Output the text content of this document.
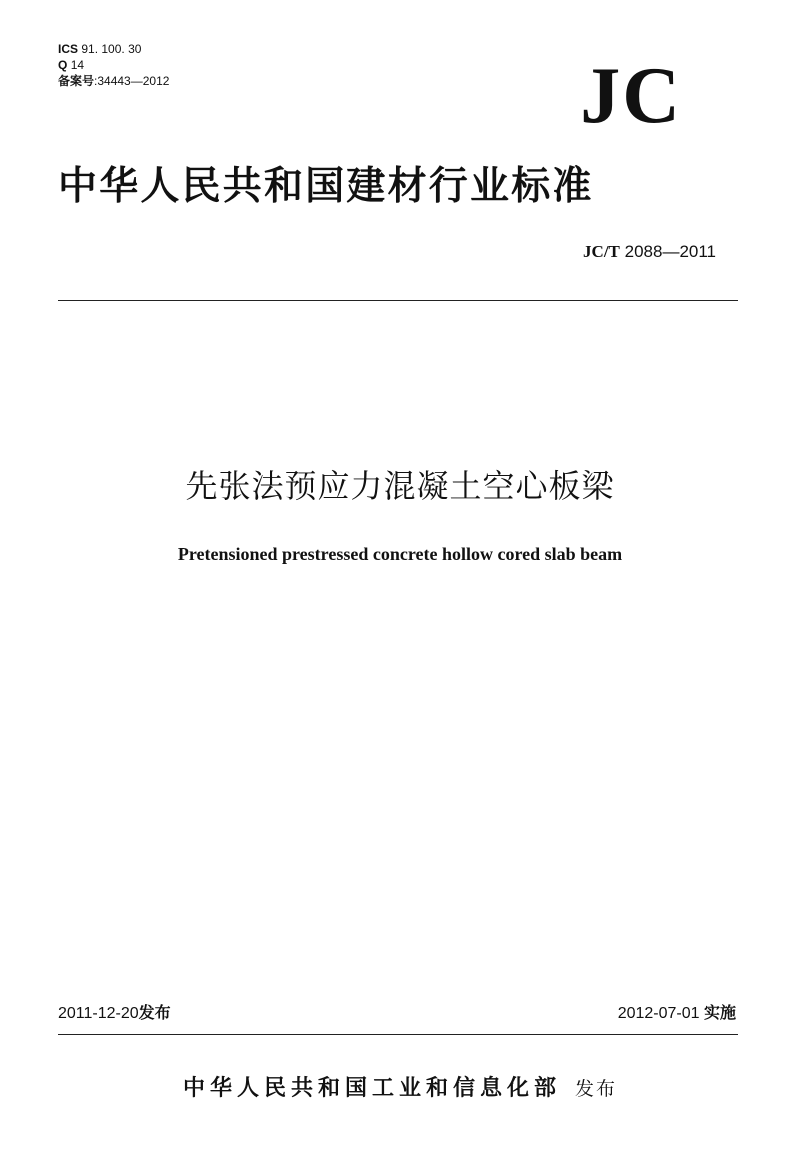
ICS 91. 100. 30
Q 14
备案号:34443—2012	JC
中华人民共和国建材行业标准
JC/T 2088—2011
先张法预应力混凝土空心板梁
Pretensioned prestressed concrete hollow cored slab beam
2011-12-20发布	2012-07-01 实施
中华人民共和国工业和信息化部 发布
